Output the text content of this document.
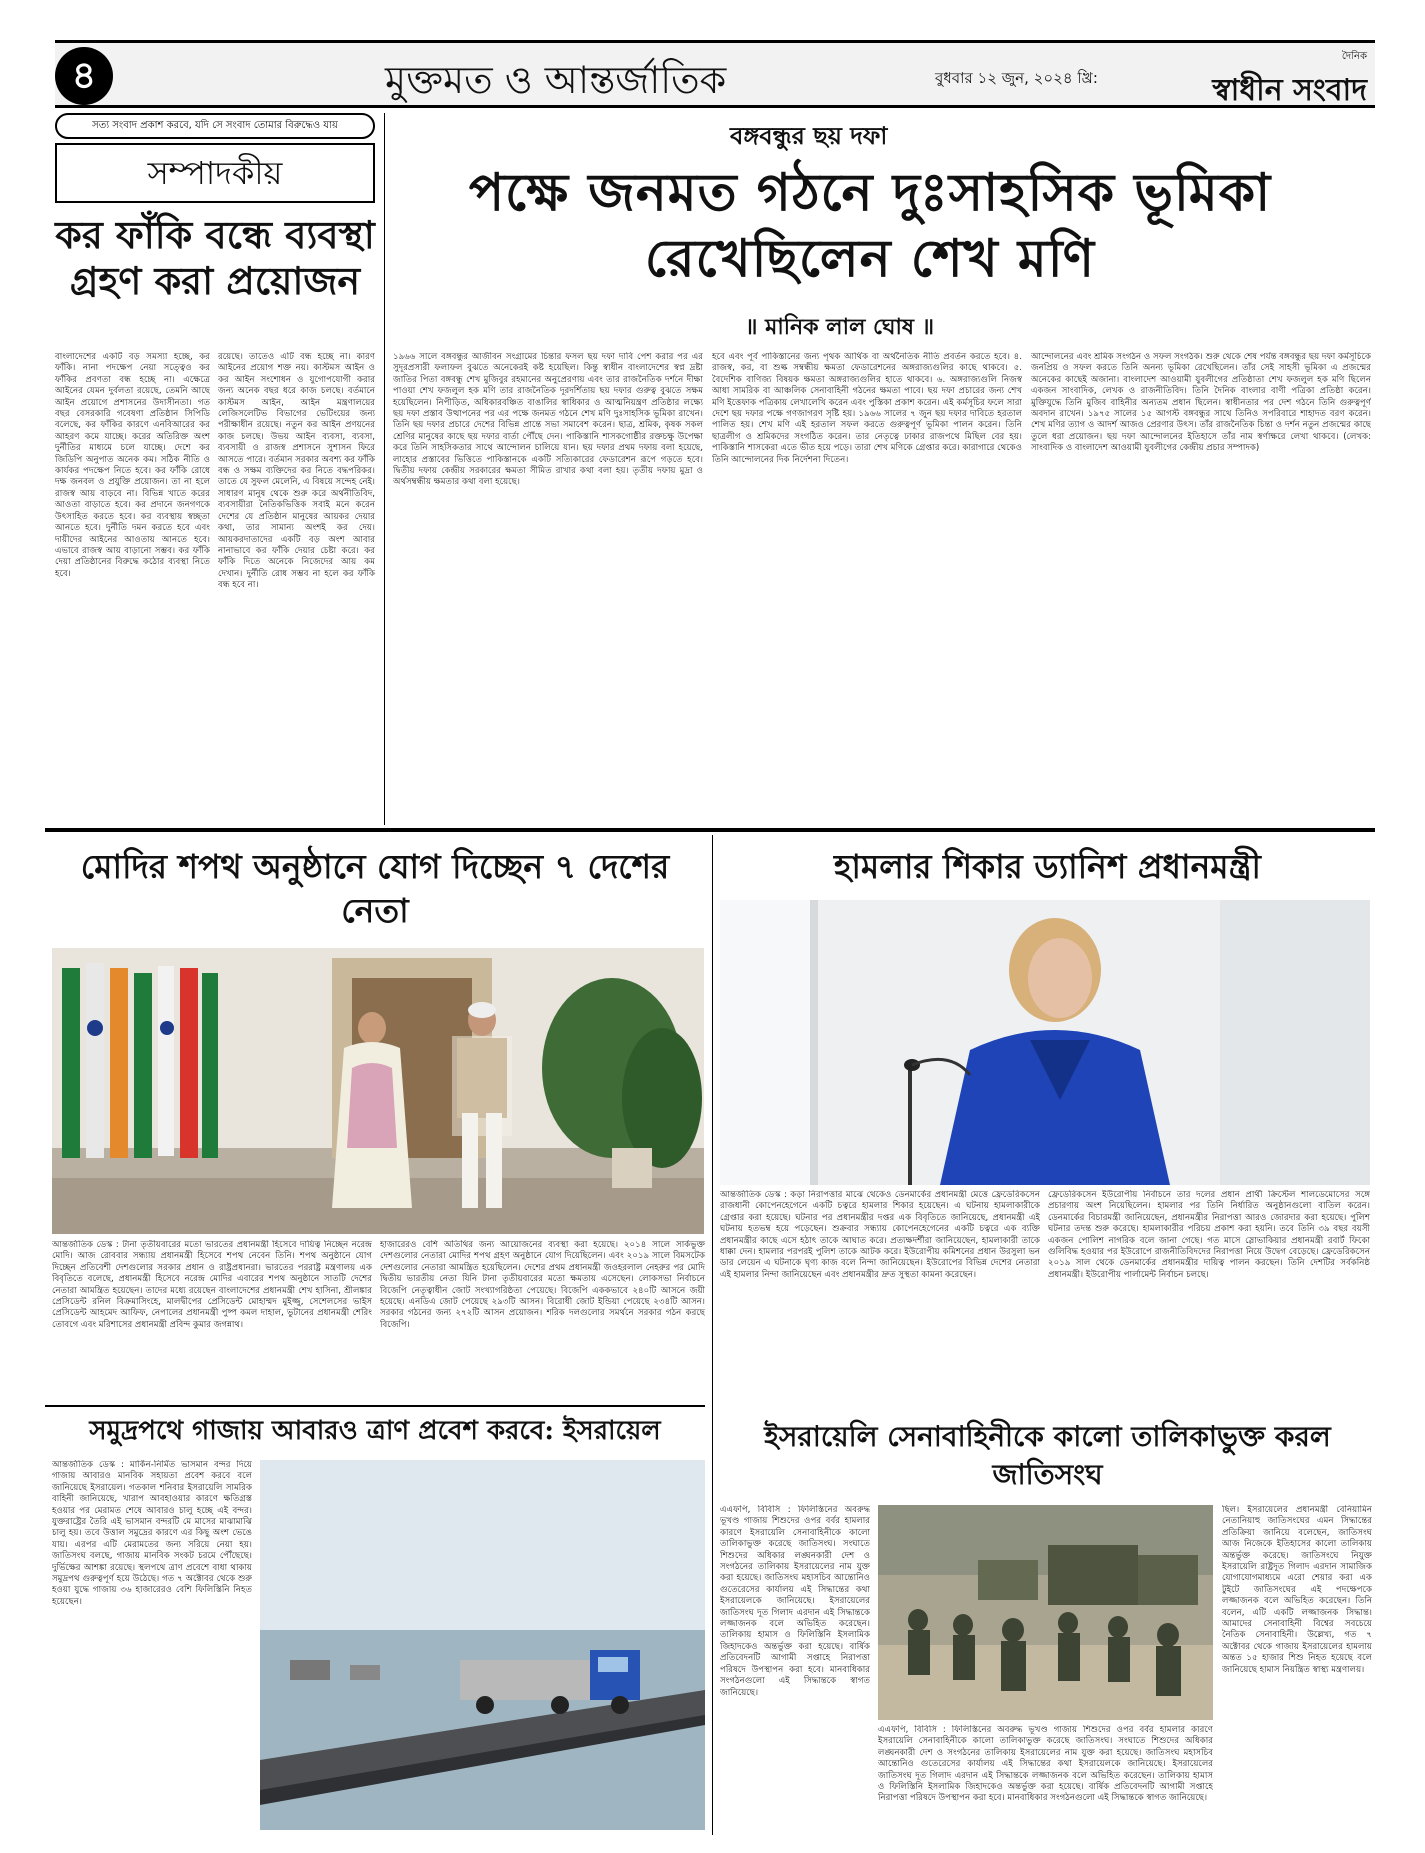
৪	মুক্তমত ও আন্তর্জাতিক	বুধবার ১২ জুন, ২০২৪ খ্রি:
দৈনিক
স্বাধীন সংবাদ
সত্য সংবাদ প্রকাশ করবে, যদি সে সংবাদ তোমার বিরুদ্ধেও যায়
সম্পাদকীয়
কর ফাঁকি বন্ধে ব্যবস্থা গ্রহণ করা প্রয়োজন
বাংলাদেশের একটি বড় সমস্যা হচ্ছে, কর ফাঁকি। নানা পদক্ষেপ নেয়া সত্ত্বেও কর ফাঁকির প্রবণতা বন্ধ হচ্ছে না। এক্ষেত্রে আইনের যেমন দুর্বলতা রয়েছে, তেমনি আছে আইন প্রয়োগে প্রশাসনের উদাসীনতা। গত বছর বেসরকারি গবেষণা প্রতিষ্ঠান সিপিডি বলেছে, কর ফাঁকির কারণে এনবিআরের কর আহরণ কমে যাচ্ছে। করের অতিরিক্ত অংশ দুর্নীতির মাধ্যমে চলে যাচ্ছে। দেশে কর জিডিপি অনুপাত অনেক কম। সঠিক নীতি ও কার্যকর পদক্ষেপ নিতে হবে। কর ফাঁকি রোধে দক্ষ জনবল ও প্রযুক্তি প্রয়োজন। তা না হলে রাজস্ব আয় বাড়বে না। বিভিন্ন খাতে করের আওতা বাড়াতে হবে। কর প্রদানে জনগণকে উৎসাহিত করতে হবে। কর ব্যবস্থায় স্বচ্ছতা আনতে হবে। দুর্নীতি দমন করতে হবে এবং দায়ীদের আইনের আওতায় আনতে হবে। এভাবে রাজস্ব আয় বাড়ানো সম্ভব। কর ফাঁকি দেয়া প্রতিষ্ঠানের বিরুদ্ধে কঠোর ব্যবস্থা নিতে হবে।
রয়েছে। তাতেও এটি বন্ধ হচ্ছে না। কারণ আইনের প্রয়োগ শক্ত নয়। কাস্টমস আইন ও কর আইন সংশোধন ও যুগোপযোগী করার জন্য অনেক বছর ধরে কাজ চলছে। বর্তমানে কাস্টমস আইন, আইন মন্ত্রণালয়ের লেজিসলেটিভ বিভাগের ভেটিংয়ের জন্য পরীক্ষাধীন রয়েছে। নতুন কর আইন প্রণয়নের কাজ চলছে। উভয় আইন ব্যবসা, ব্যবসা, ব্যবসায়ী ও রাজস্ব প্রশাসনে সুশাসন ফিরে আসতে পারে। বর্তমান সরকার অবশ্য কর ফাঁকি বন্ধ ও সক্ষম ব্যক্তিদের কর নিতে বদ্ধপরিকর। তাতে যে সুফল মেলেনি, এ বিষয়ে সন্দেহ নেই। সাধারণ মানুষ থেকে শুরু করে অর্থনীতিবিদ, ব্যবসায়ীরা নৈতিকভিত্তিক সবাই মনে করেন দেশের যে প্রতিষ্ঠান মানুষের আয়কর দেয়ার কথা, তার সামান্য অংশই কর দেয়। আয়করদাতাদের একটি বড় অংশ আবার নানাভাবে কর ফাঁকি দেয়ার চেষ্টা করে। কর ফাঁকি দিতে অনেকে নিজেদের আয় কম দেখান। দুর্নীতি রোধ সম্ভব না হলে কর ফাঁকি বন্ধ হবে না।
বঙ্গবন্ধুর ছয় দফা
পক্ষে জনমত গঠনে দুঃসাহসিক ভূমিকা রেখেছিলেন শেখ মণি
॥ মানিক লাল ঘোষ ॥
১৯৬৬ সালে বঙ্গবন্ধুর আজীবন সংগ্রামের চিন্তার ফসল ছয় দফা দাবি পেশ করার পর এর সুদূরপ্রসারী ফলাফল বুঝতে অনেকেরই কষ্ট হয়েছিল। কিন্তু স্বাধীন বাংলাদেশের স্বপ্ন দ্রষ্টা জাতির পিতা বঙ্গবন্ধু শেখ মুজিবুর রহমানের অনুপ্রেরণায় এবং তার রাজনৈতিক দর্শনে দীক্ষা পাওয়া শেখ ফজলুল হক মণি তার রাজনৈতিক দূরদর্শিতায় ছয় দফার গুরুত্ব বুঝতে সক্ষম হয়েছিলেন। নিপীড়িত, অধিকারবঞ্চিত বাঙালির স্বাধিকার ও আত্মনিয়ন্ত্রণ প্রতিষ্ঠার লক্ষ্যে ছয় দফা প্রস্তাব উত্থাপনের পর এর পক্ষে জনমত গঠনে শেখ মণি দুঃসাহসিক ভূমিকা রাখেন। তিনি ছয় দফার প্রচারে দেশের বিভিন্ন প্রান্তে সভা সমাবেশ করেন। ছাত্র, শ্রমিক, কৃষক সকল শ্রেণির মানুষের কাছে ছয় দফার বার্তা পৌঁছে দেন। পাকিস্তানি শাসকগোষ্ঠীর রক্তচক্ষু উপেক্ষা করে তিনি সাহসিকতার সাথে আন্দোলন চালিয়ে যান। ছয় দফার প্রথম দফায় বলা হয়েছে, লাহোর প্রস্তাবের ভিত্তিতে পাকিস্তানকে একটি সত্যিকারের ফেডারেশন রূপে গড়তে হবে। দ্বিতীয় দফায় কেন্দ্রীয় সরকারের ক্ষমতা সীমিত রাখার কথা বলা হয়। তৃতীয় দফায় মুদ্রা ও অর্থসম্বন্ধীয় ক্ষমতার কথা বলা হয়েছে।
হবে এবং পূর্ব পাকিস্তানের জন্য পৃথক আর্থিক বা অর্থনৈতিক নীতি প্রবর্তন করতে হবে। ৪. রাজস্ব, কর, বা শুল্ক সম্বন্ধীয় ক্ষমতা ফেডারেশনের অঙ্গরাজ্যগুলির কাছে থাকবে। ৫. বৈদেশিক বাণিজ্য বিষয়ক ক্ষমতা অঙ্গরাজ্যগুলির হাতে থাকবে। ৬. অঙ্গরাজ্যগুলি নিজস্ব আধা সামরিক বা আঞ্চলিক সেনাবাহিনী গঠনের ক্ষমতা পাবে। ছয় দফা প্রচারের জন্য শেখ মণি ইত্তেফাক পত্রিকায় লেখালেখি করেন এবং পুস্তিকা প্রকাশ করেন। এই কর্মসূচির ফলে সারা দেশে ছয় দফার পক্ষে গণজাগরণ সৃষ্টি হয়। ১৯৬৬ সালের ৭ জুন ছয় দফার দাবিতে হরতাল পালিত হয়। শেখ মণি এই হরতাল সফল করতে গুরুত্বপূর্ণ ভূমিকা পালন করেন। তিনি ছাত্রলীগ ও শ্রমিকদের সংগঠিত করেন। তার নেতৃত্বে ঢাকার রাজপথে মিছিল বের হয়। পাকিস্তানি শাসকেরা এতে ভীত হয়ে পড়ে। তারা শেখ মণিকে গ্রেপ্তার করে। কারাগারে থেকেও তিনি আন্দোলনের দিক নির্দেশনা দিতেন।
আন্দোলনের এবং শ্রমিক সংগঠন ও সফল সংগঠক। শুরু থেকে শেষ পর্যন্ত বঙ্গবন্ধুর ছয় দফা কর্মসূচিকে জনপ্রিয় ও সফল করতে তিনি অনন্য ভূমিকা রেখেছিলেন। তাঁর সেই সাহসী ভূমিকা এ প্রজন্মের অনেকের কাছেই অজানা। বাংলাদেশ আওয়ামী যুবলীগের প্রতিষ্ঠাতা শেখ ফজলুল হক মণি ছিলেন একজন সাংবাদিক, লেখক ও রাজনীতিবিদ। তিনি দৈনিক বাংলার বাণী পত্রিকা প্রতিষ্ঠা করেন। মুক্তিযুদ্ধে তিনি মুজিব বাহিনীর অন্যতম প্রধান ছিলেন। স্বাধীনতার পর দেশ গঠনে তিনি গুরুত্বপূর্ণ অবদান রাখেন। ১৯৭৫ সালের ১৫ আগস্ট বঙ্গবন্ধুর সাথে তিনিও সপরিবারে শাহাদত বরণ করেন। শেখ মণির ত্যাগ ও আদর্শ আজও প্রেরণার উৎস। তাঁর রাজনৈতিক চিন্তা ও দর্শন নতুন প্রজন্মের কাছে তুলে ধরা প্রয়োজন। ছয় দফা আন্দোলনের ইতিহাসে তাঁর নাম স্বর্ণাক্ষরে লেখা থাকবে। (লেখক: সাংবাদিক ও বাংলাদেশ আওয়ামী যুবলীগের কেন্দ্রীয় প্রচার সম্পাদক)
মোদির শপথ অনুষ্ঠানে যোগ দিচ্ছেন ৭ দেশের নেতা
আন্তর্জাতিক ডেস্ক : টানা তৃতীয়বারের মতো ভারতের প্রধানমন্ত্রী হিসেবে দায়িত্ব নিচ্ছেন নরেন্দ্র মোদি। আজ রোববার সন্ধ্যায় প্রধানমন্ত্রী হিসেবে শপথ নেবেন তিনি। শপথ অনুষ্ঠানে যোগ দিচ্ছেন প্রতিবেশী দেশগুলোর সরকার প্রধান ও রাষ্ট্রপ্রধানরা। ভারতের পররাষ্ট্র মন্ত্রণালয় এক বিবৃতিতে বলেছে, প্রধানমন্ত্রী হিসেবে নরেন্দ্র মোদির এবারের শপথ অনুষ্ঠানে সাতটি দেশের নেতারা আমন্ত্রিত হয়েছেন। তাদের মধ্যে রয়েছেন বাংলাদেশের প্রধানমন্ত্রী শেখ হাসিনা, শ্রীলঙ্কার প্রেসিডেন্ট রনিল বিক্রমাসিংহে, মালদ্বীপের প্রেসিডেন্ট মোহাম্মদ মুইজ্জু, সেশেলসের ভাইস প্রেসিডেন্ট আহমেদ আফিফ, নেপালের প্রধানমন্ত্রী পুষ্প কমল দাহাল, ভুটানের প্রধানমন্ত্রী শেরিং তোবগে এবং মরিশাসের প্রধানমন্ত্রী প্রবিন্দ কুমার জগন্নাথ।
হাজারেরও বেশি অতিথির জন্য আয়োজনের ব্যবস্থা করা হয়েছে। ২০১৪ সালে সার্কভুক্ত দেশগুলোর নেতারা মোদির শপথ গ্রহণ অনুষ্ঠানে যোগ দিয়েছিলেন। এবং ২০১৯ সালে বিমসটেক দেশগুলোর নেতারা আমন্ত্রিত হয়েছিলেন। দেশের প্রথম প্রধানমন্ত্রী জওহরলাল নেহরুর পর মোদি দ্বিতীয় ভারতীয় নেতা যিনি টানা তৃতীয়বারের মতো ক্ষমতায় এসেছেন। লোকসভা নির্বাচনে বিজেপি নেতৃত্বাধীন জোট সংখ্যাগরিষ্ঠতা পেয়েছে। বিজেপি এককভাবে ২৪০টি আসনে জয়ী হয়েছে। এনডিএ জোট পেয়েছে ২৯৩টি আসন। বিরোধী জোট ইন্ডিয়া পেয়েছে ২৩৪টি আসন। সরকার গঠনের জন্য ২৭২টি আসন প্রয়োজন। শরিক দলগুলোর সমর্থনে সরকার গঠন করছে বিজেপি।
হামলার শিকার ড্যানিশ প্রধানমন্ত্রী
আন্তর্জাতিক ডেস্ক : কড়া নিরাপত্তার মাঝে থেকেও ডেনমার্কের প্রধানমন্ত্রী মেত্তে ফ্রেডেরিকসেন রাজধানী কোপেনহেগেনে একটি চত্বরে হামলার শিকার হয়েছেন। এ ঘটনায় হামলাকারীকে গ্রেপ্তার করা হয়েছে। ঘটনার পর প্রধানমন্ত্রীর দপ্তর এক বিবৃতিতে জানিয়েছে, প্রধানমন্ত্রী এই ঘটনায় হতভম্ব হয়ে পড়েছেন। শুক্রবার সন্ধ্যায় কোপেনহেগেনের একটি চত্বরে এক ব্যক্তি প্রধানমন্ত্রীর কাছে এসে হঠাৎ তাকে আঘাত করে। প্রত্যক্ষদর্শীরা জানিয়েছেন, হামলাকারী তাকে ধাক্কা দেন। হামলার পরপরই পুলিশ তাকে আটক করে। ইউরোপীয় কমিশনের প্রধান উরসুলা ভন ডার লেয়েন এ ঘটনাকে ঘৃণ্য কাজ বলে নিন্দা জানিয়েছেন। ইউরোপের বিভিন্ন দেশের নেতারা এই হামলার নিন্দা জানিয়েছেন এবং প্রধানমন্ত্রীর দ্রুত সুস্থতা কামনা করেছেন।
ফ্রেডেরিকসেন ইউরোপীয় নির্বাচনে তার দলের প্রধান প্রার্থী ক্রিস্টেল শালডেমোসের সঙ্গে প্রচারণায় অংশ নিয়েছিলেন। হামলার পর তিনি নির্ধারিত অনুষ্ঠানগুলো বাতিল করেন। ডেনমার্কের বিচারমন্ত্রী জানিয়েছেন, প্রধানমন্ত্রীর নিরাপত্তা আরও জোরদার করা হয়েছে। পুলিশ ঘটনার তদন্ত শুরু করেছে। হামলাকারীর পরিচয় প্রকাশ করা হয়নি। তবে তিনি ৩৯ বছর বয়সী একজন পোলিশ নাগরিক বলে জানা গেছে। গত মাসে স্লোভাকিয়ার প্রধানমন্ত্রী রবার্ট ফিকো গুলিবিদ্ধ হওয়ার পর ইউরোপে রাজনীতিবিদদের নিরাপত্তা নিয়ে উদ্বেগ বেড়েছে। ফ্রেডেরিকসেন ২০১৯ সাল থেকে ডেনমার্কের প্রধানমন্ত্রীর দায়িত্ব পালন করছেন। তিনি দেশটির সর্বকনিষ্ঠ প্রধানমন্ত্রী। ইউরোপীয় পার্লামেন্ট নির্বাচন চলছে।
সমুদ্রপথে গাজায় আবারও ত্রাণ প্রবেশ করবে: ইসরায়েল
আন্তর্জাতিক ডেস্ক : মার্কিন-নির্মিত ভাসমান বন্দর দিয়ে গাজায় আবারও মানবিক সহায়তা প্রবেশ করবে বলে জানিয়েছে ইসরায়েল। গতকাল শনিবার ইসরায়েলি সামরিক বাহিনী জানিয়েছে, খারাপ আবহাওয়ার কারণে ক্ষতিগ্রস্ত হওয়ার পর মেরামত শেষে আবারও চালু হচ্ছে এই বন্দর। যুক্তরাষ্ট্রের তৈরি এই ভাসমান বন্দরটি মে মাসের মাঝামাঝি চালু হয়। তবে উত্তাল সমুদ্রের কারণে এর কিছু অংশ ভেঙে যায়। এরপর এটি মেরামতের জন্য সরিয়ে নেয়া হয়। জাতিসংঘ বলছে, গাজায় মানবিক সংকট চরমে পৌঁছেছে। দুর্ভিক্ষের আশঙ্কা রয়েছে। স্থলপথে ত্রাণ প্রবেশে বাধা থাকায় সমুদ্রপথ গুরুত্বপূর্ণ হয়ে উঠেছে। গত ৭ অক্টোবর থেকে শুরু হওয়া যুদ্ধে গাজায় ৩৬ হাজারেরও বেশি ফিলিস্তিনি নিহত হয়েছেন।
ইসরায়েলি সেনাবাহিনীকে কালো তালিকাভুক্ত করল জাতিসংঘ
এএফপি, বিবিসি : ফিলিস্তিনের অবরুদ্ধ ভূখণ্ড গাজায় শিশুদের ওপর বর্বর হামলার কারণে ইসরায়েলি সেনাবাহিনীকে কালো তালিকাভুক্ত করেছে জাতিসংঘ। সংঘাতে শিশুদের অধিকার লঙ্ঘনকারী দেশ ও সংগঠনের তালিকায় ইসরায়েলের নাম যুক্ত করা হয়েছে। জাতিসংঘ মহাসচিব আন্তোনিও গুতেরেসের কার্যালয় এই সিদ্ধান্তের কথা ইসরায়েলকে জানিয়েছে। ইসরায়েলের জাতিসংঘ দূত গিলাদ এরদান এই সিদ্ধান্তকে লজ্জাজনক বলে অভিহিত করেছেন। তালিকায় হামাস ও ফিলিস্তিনি ইসলামিক জিহাদকেও অন্তর্ভুক্ত করা হয়েছে। বার্ষিক প্রতিবেদনটি আগামী সপ্তাহে নিরাপত্তা পরিষদে উপস্থাপন করা হবে। মানবাধিকার সংগঠনগুলো এই সিদ্ধান্তকে স্বাগত জানিয়েছে।
এএফপি, বিবিসি : ফিলিস্তিনের অবরুদ্ধ ভূখণ্ড গাজায় শিশুদের ওপর বর্বর হামলার কারণে ইসরায়েলি সেনাবাহিনীকে কালো তালিকাভুক্ত করেছে জাতিসংঘ। সংঘাতে শিশুদের অধিকার লঙ্ঘনকারী দেশ ও সংগঠনের তালিকায় ইসরায়েলের নাম যুক্ত করা হয়েছে। জাতিসংঘ মহাসচিব আন্তোনিও গুতেরেসের কার্যালয় এই সিদ্ধান্তের কথা ইসরায়েলকে জানিয়েছে। ইসরায়েলের জাতিসংঘ দূত গিলাদ এরদান এই সিদ্ধান্তকে লজ্জাজনক বলে অভিহিত করেছেন। তালিকায় হামাস ও ফিলিস্তিনি ইসলামিক জিহাদকেও অন্তর্ভুক্ত করা হয়েছে। বার্ষিক প্রতিবেদনটি আগামী সপ্তাহে নিরাপত্তা পরিষদে উপস্থাপন করা হবে। মানবাধিকার সংগঠনগুলো এই সিদ্ধান্তকে স্বাগত জানিয়েছে।
ছিল। ইসরায়েলের প্রধানমন্ত্রী বেনিয়ামিন নেতানিয়াহু জাতিসংঘের এমন সিদ্ধান্তের প্রতিক্রিয়া জানিয়ে বলেছেন, জাতিসংঘ আজ নিজেকে ইতিহাসের কালো তালিকায় অন্তর্ভুক্ত করেছে। জাতিসংঘে নিযুক্ত ইসরায়েলি রাষ্ট্রদূত গিলাদ এরদান সামাজিক যোগাযোগমাধ্যমে এরো শেয়ার করা এক টুইটে জাতিসংঘের এই পদক্ষেপকে লজ্জাজনক বলে অভিহিত করেছেন। তিনি বলেন, এটি একটি লজ্জাজনক সিদ্ধান্ত। আমাদের সেনাবাহিনী বিশ্বের সবচেয়ে নৈতিক সেনাবাহিনী। উল্লেখ্য, গত ৭ অক্টোবর থেকে গাজায় ইসরায়েলের হামলায় অন্তত ১৫ হাজার শিশু নিহত হয়েছে বলে জানিয়েছে হামাস নিয়ন্ত্রিত স্বাস্থ্য মন্ত্রণালয়।
